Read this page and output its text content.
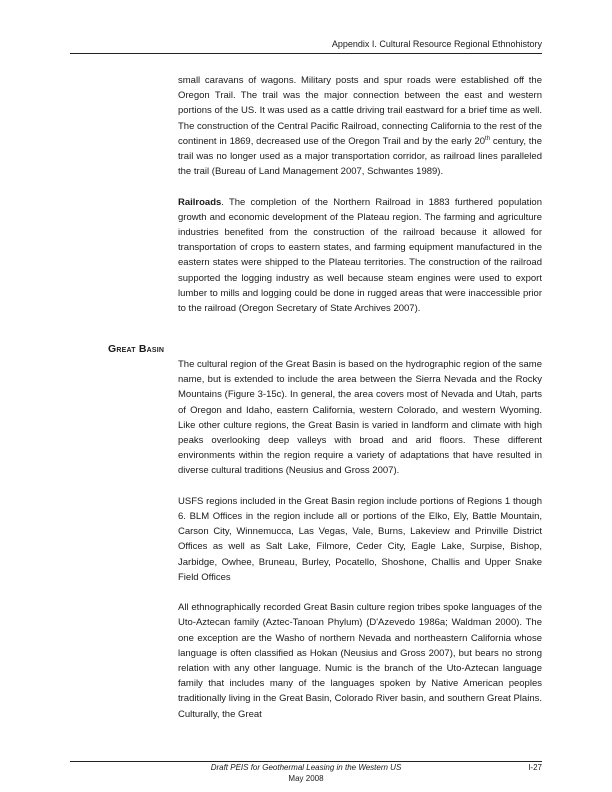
Appendix I. Cultural Resource Regional Ethnohistory

small caravans of wagons. Military posts and spur roads were established off the Oregon Trail. The trail was the major connection between the east and western portions of the US. It was used as a cattle driving trail eastward for a brief time as well. The construction of the Central Pacific Railroad, connecting California to the rest of the continent in 1869, decreased use of the Oregon Trail and by the early 20th century, the trail was no longer used as a major transportation corridor, as railroad lines paralleled the trail (Bureau of Land Management 2007, Schwantes 1989).

Railroads. The completion of the Northern Railroad in 1883 furthered population growth and economic development of the Plateau region. The farming and agriculture industries benefited from the construction of the railroad because it allowed for transportation of crops to eastern states, and farming equipment manufactured in the eastern states were shipped to the Plateau territories. The construction of the railroad supported the logging industry as well because steam engines were used to export lumber to mills and logging could be done in rugged areas that were inaccessible prior to the railroad (Oregon Secretary of State Archives 2007).

Great Basin

The cultural region of the Great Basin is based on the hydrographic region of the same name, but is extended to include the area between the Sierra Nevada and the Rocky Mountains (Figure 3-15c). In general, the area covers most of Nevada and Utah, parts of Oregon and Idaho, eastern California, western Colorado, and western Wyoming. Like other culture regions, the Great Basin is varied in landform and climate with high peaks overlooking deep valleys with broad and arid floors. These different environments within the region require a variety of adaptations that have resulted in diverse cultural traditions (Neusius and Gross 2007).

USFS regions included in the Great Basin region include portions of Regions 1 though 6. BLM Offices in the region include all or portions of the Elko, Ely, Battle Mountain, Carson City, Winnemucca, Las Vegas, Vale, Burns, Lakeview and Prinville District Offices as well as Salt Lake, Filmore, Ceder City, Eagle Lake, Surpise, Bishop, Jarbidge, Owhee, Bruneau, Burley, Pocatello, Shoshone, Challis and Upper Snake Field Offices

All ethnographically recorded Great Basin culture region tribes spoke languages of the Uto-Aztecan family (Aztec-Tanoan Phylum) (D'Azevedo 1986a; Waldman 2000). The one exception are the Washo of northern Nevada and northeastern California whose language is often classified as Hokan (Neusius and Gross 2007), but bears no strong relation with any other language. Numic is the branch of the Uto-Aztecan language family that includes many of the languages spoken by Native American peoples traditionally living in the Great Basin, Colorado River basin, and southern Great Plains. Culturally, the Great

Draft PEIS for Geothermal Leasing in the Western US
May 2008
I-27
